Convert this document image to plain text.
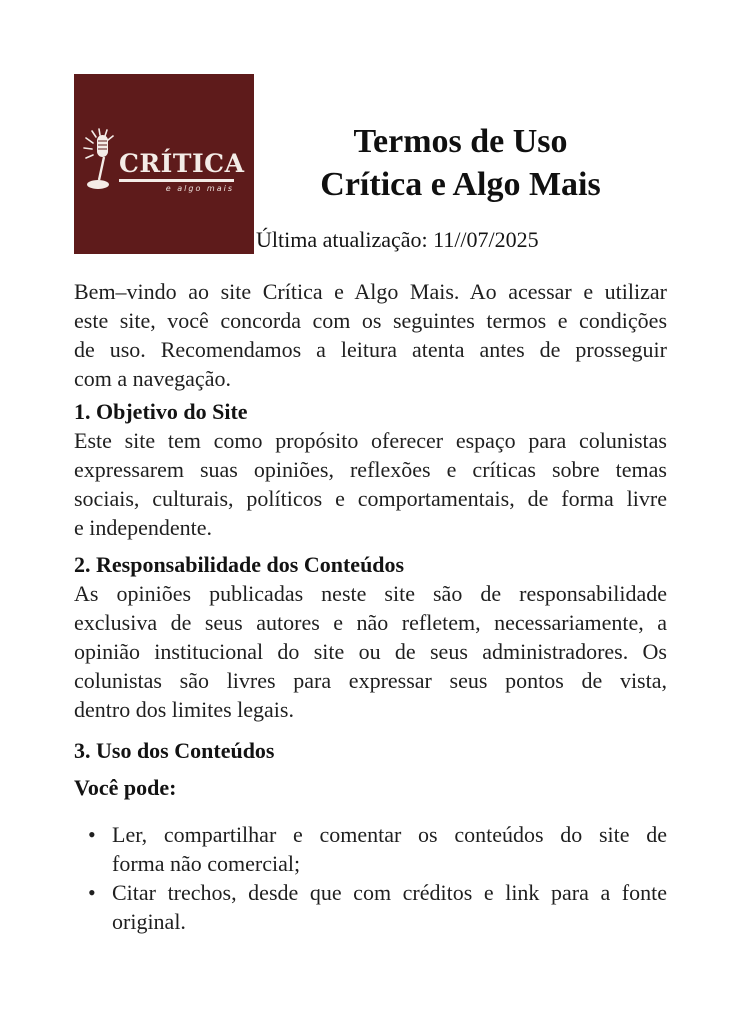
CRÍTICA
e algo mais
Termos de Uso
Crítica e Algo Mais
Última atualização: 11//07/2025

Bem–vindo ao site Crítica e Algo Mais. Ao acessar e utilizar
este site, você concorda com os seguintes termos e condições
de uso. Recomendamos a leitura atenta antes de prosseguir
com a navegação.

1. Objetivo do Site

Este site tem como propósito oferecer espaço para colunistas
expressarem suas opiniões, reflexões e críticas sobre temas
sociais, culturais, políticos e comportamentais, de forma livre
e independente.

2. Responsabilidade dos Conteúdos

As opiniões publicadas neste site são de responsabilidade
exclusiva de seus autores e não refletem, necessariamente, a
opinião institucional do site ou de seus administradores. Os
colunistas são livres para expressar seus pontos de vista,
dentro dos limites legais.

3. Uso dos Conteúdos
Você pode:
• Ler, compartilhar e comentar os conteúdos do site de
forma não comercial;
• Citar trechos, desde que com créditos e link para a fonte
original.
